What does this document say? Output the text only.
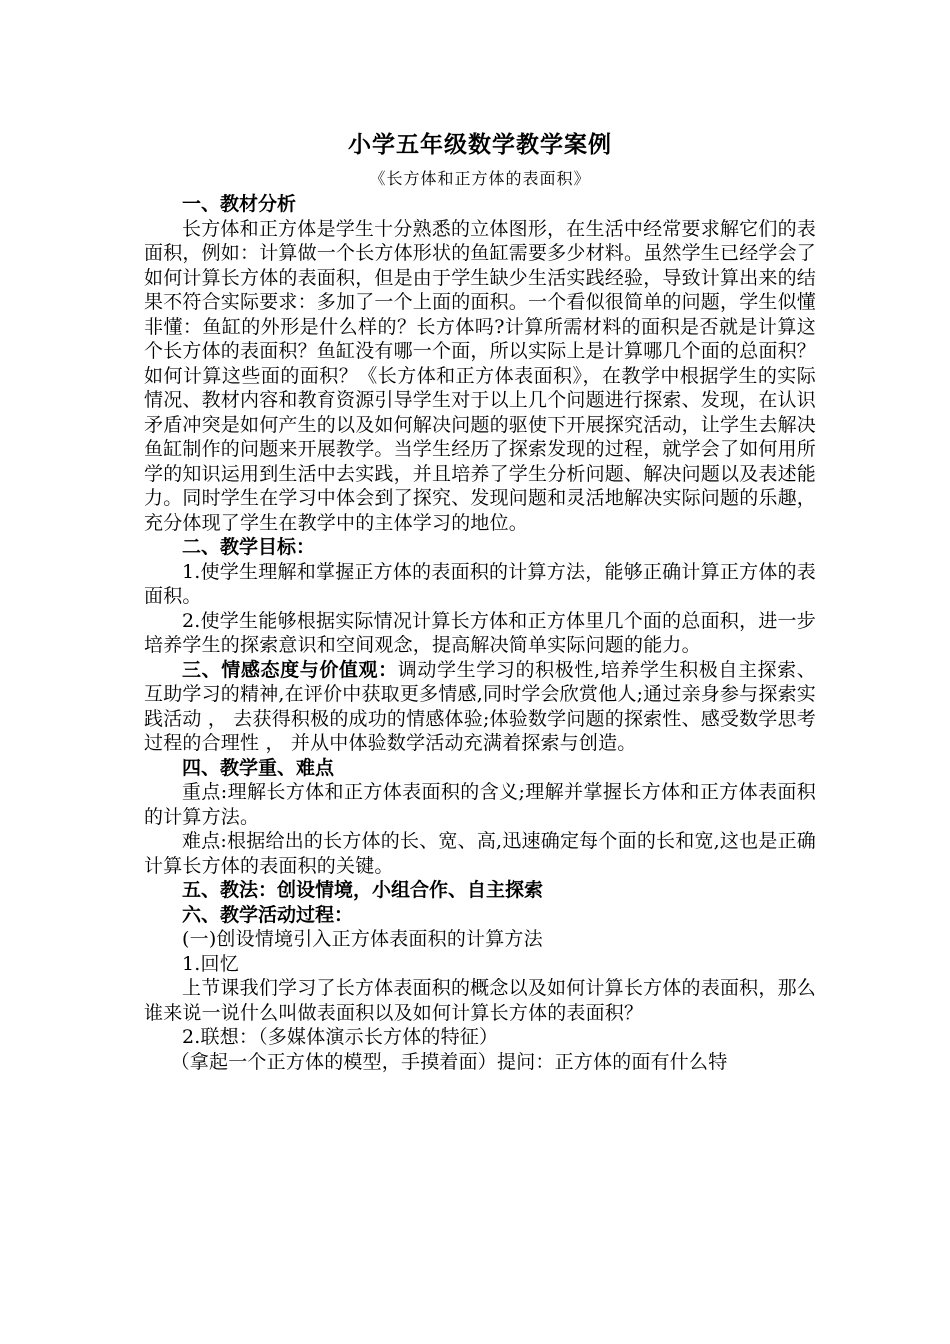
小学五年级数学教学案例

《长方体和正方体的表面积》

一、教材分析

长方体和正方体是学生十分熟悉的立体图形，在生活中经常要求解它们的表面积，例如：计算做一个长方体形状的鱼缸需要多少材料。虽然学生已经学会了如何计算长方体的表面积，但是由于学生缺少生活实践经验，导致计算出来的结果不符合实际要求：多加了一个上面的面积。一个看似很简单的问题，学生似懂非懂：鱼缸的外形是什么样的？长方体吗?计算所需材料的面积是否就是计算这个长方体的表面积？鱼缸没有哪一个面，所以实际上是计算哪几个面的总面积？如何计算这些面的面积？《长方体和正方体表面积》，在教学中根据学生的实际情况、教材内容和教育资源引导学生对于以上几个问题进行探索、发现，在认识矛盾冲突是如何产生的以及如何解决问题的驱使下开展探究活动，让学生去解决鱼缸制作的问题来开展教学。当学生经历了探索发现的过程，就学会了如何用所学的知识运用到生活中去实践，并且培养了学生分析问题、解决问题以及表述能力。同时学生在学习中体会到了探究、发现问题和灵活地解决实际问题的乐趣，充分体现了学生在教学中的主体学习的地位。

二、教学目标：

1.使学生理解和掌握正方体的表面积的计算方法，能够正确计算正方体的表面积。

2.使学生能够根据实际情况计算长方体和正方体里几个面的总面积，进一步培养学生的探索意识和空间观念，提高解决简单实际问题的能力。

三、情感态度与价值观：调动学生学习的积极性,培养学生积极自主探索、互助学习的精神,在评价中获取更多情感,同时学会欣赏他人;通过亲身参与探索实践活动 ， 去获得积极的成功的情感体验;体验数学问题的探索性、感受数学思考过程的合理性 ， 并从中体验数学活动充满着探索与创造。

四、教学重、难点

重点:理解长方体和正方体表面积的含义;理解并掌握长方体和正方体表面积的计算方法。

难点:根据给出的长方体的长、宽、高,迅速确定每个面的长和宽,这也是正确计算长方体的表面积的关键。

五、教法：创设情境，小组合作、自主探索

六、教学活动过程：

(一)创设情境引入正方体表面积的计算方法

1.回忆

上节课我们学习了长方体表面积的概念以及如何计算长方体的表面积，那么谁来说一说什么叫做表面积以及如何计算长方体的表面积？

2.联想：（多媒体演示长方体的特征）

（拿起一个正方体的模型，手摸着面）提问：正方体的面有什么特
